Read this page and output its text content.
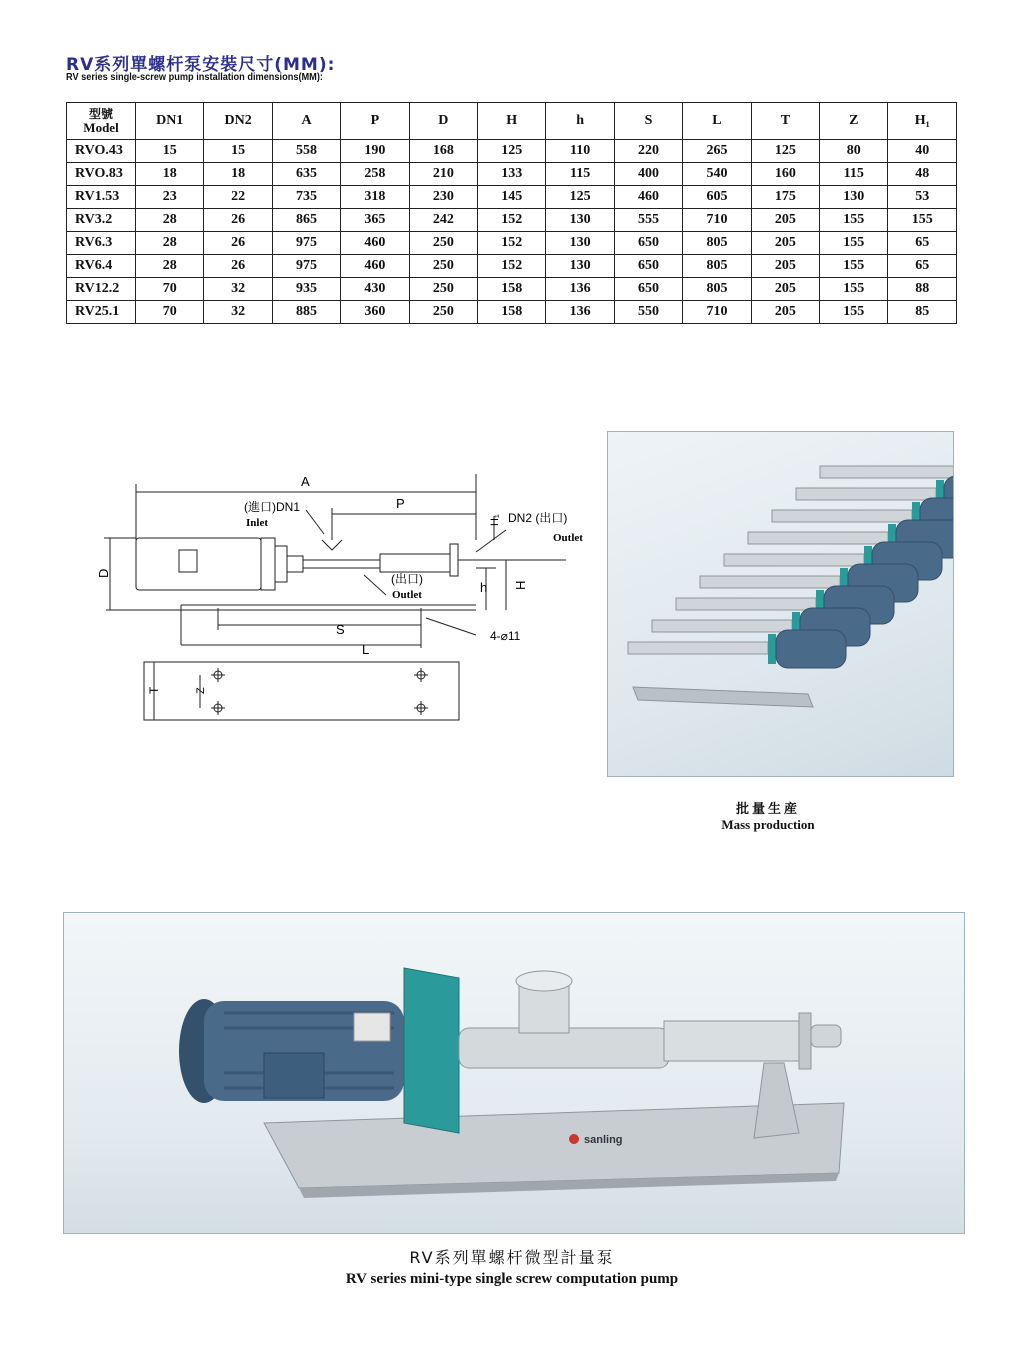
RV系列單螺杆泵安裝尺寸(MM):
RV series single-screw pump installation dimensions(MM):
型號
Model	DN1	DN2	A	P	D	H	h	S	L	T	Z	H₁
RVO.43	15	15	558	190	168	125	110	220	265	125	80	40
RVO.83	18	18	635	258	210	133	115	400	540	160	115	48
RV1.53	23	22	735	318	230	145	125	460	605	175	130	53
RV3.2	28	26	865	365	242	152	130	555	710	205	155	155
RV6.3	28	26	975	460	250	152	130	650	805	205	155	65
RV6.4	28	26	975	460	250	152	130	650	805	205	155	65
RV12.2	70	32	935	430	250	158	136	650	805	205	155	88
RV25.1	70	32	885	360	250	158	136	550	710	205	155	85
A
P
D
S
L
T	Z
H
h
H₁
(進口)DN1
Inlet	DN2 (出口)
Outlet
(出口)
Outlet
4-⌀11
批量生産
Mass production
sanling
RV系列單螺杆微型計量泵
RV series mini-type single screw computation pump
